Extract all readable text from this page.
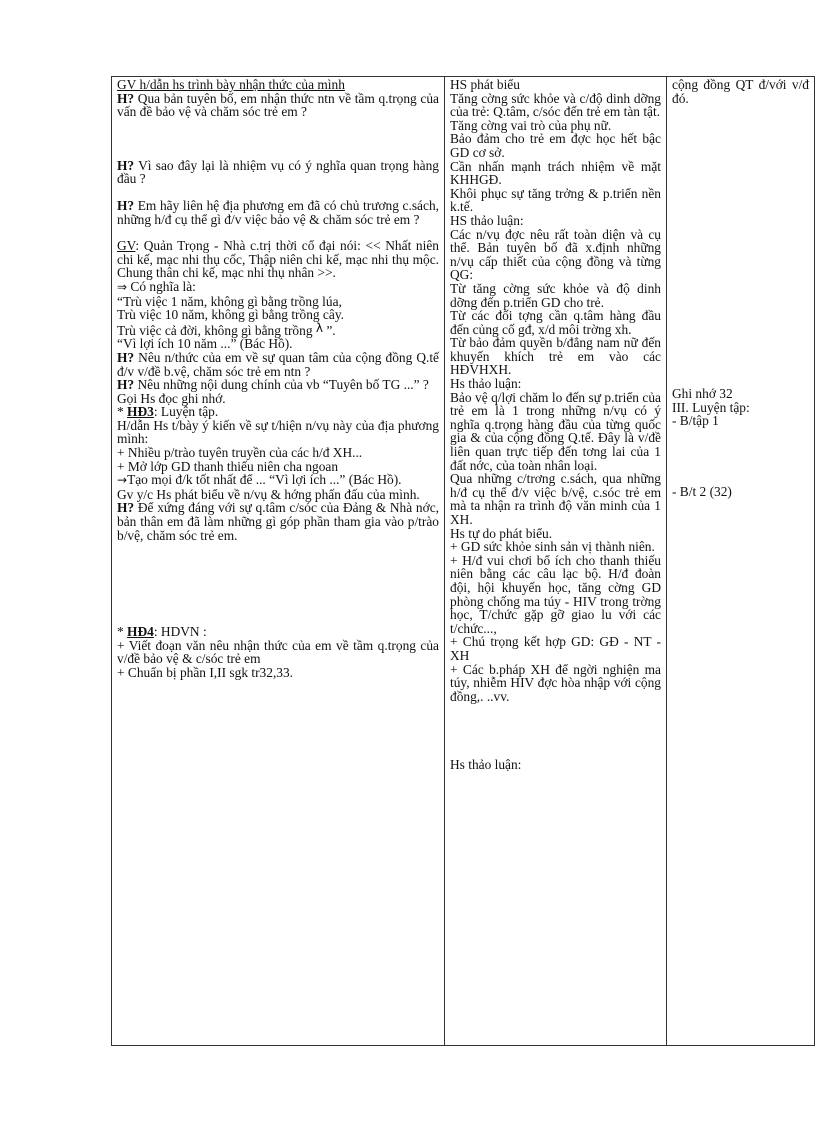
GV h/dẫn hs trình bày nhận thức của mình
H? Qua bản tuyên bố, em nhận thức ntn về tầm q.trọng của vấn đề bảo vệ và chăm sóc trẻ em ?
H? Vì sao đây lại là nhiệm vụ có ý nghĩa quan trọng hàng đầu ?
H? Em hãy liên hệ địa phương em đã có chủ trương c.sách, những h/đ cụ thể gì đ/v việc bảo vệ & chăm sóc trẻ em ?
GV: Quản Trọng - Nhà c.trị thời cổ đại nói: << Nhất niên chi kế, mạc nhi thụ cốc, Thập niên chi kế, mạc nhi thụ mộc. Chung thân chi kế, mạc nhi thụ nhân >>.
⇒ Có nghĩa là:
“Trù việc 1 năm, không gì bằng trồng lúa,
Trù việc 10 năm, không gì bằng trồng cây.
Trù việc cả đời, không gì bằng trồng λ ”.
“Vì lợi ích 10 năm ...” (Bác Hồ).
H? Nêu n/thức của em về sự quan tâm của cộng đồng Q.tế đ/v v/đề b.vệ, chăm sóc trẻ em ntn ?
H? Nêu những nội dung chính của vb “Tuyên bố TG ...” ?
Gọi Hs đọc ghi nhớ.
* HĐ3: Luyện tập.
H/dẫn Hs t/bày ý kiến về sự t/hiện n/vụ này của địa phương mình:
+ Nhiều p/trào tuyên truyền của các h/đ XH...
+ Mở lớp GD thanh thiếu niên cha ngoan
→Tạo mọi đ/k tốt nhất để ... “Vì lợi ích ...” (Bác Hồ).
Gv y/c Hs phát biểu về n/vụ & hớng phấn đấu của mình.
H? Để xứng đáng với sự q.tâm c/sóc của Đảng & Nhà nớc, bản thân em đã làm những gì góp phần tham gia vào p/trào b/vệ, chăm sóc trẻ em.
* HĐ4: HDVN :
+ Viết đoạn văn nêu nhận thức của em về tầm q.trọng của v/đề bảo vệ & c/sóc trẻ em
+ Chuẩn bị phần I,II sgk tr32,33.

HS phát biểu
Tăng cờng sức khỏe và c/độ dinh dỡng của trẻ: Q.tâm, c/sóc đến trẻ em tàn tật.
Tăng cờng vai trò của phụ nữ.
Bảo đảm cho trẻ em đợc học hết bậc GD cơ sở.
Cần nhấn mạnh trách nhiệm về mặt KHHGĐ.
Khôi phục sự tăng trởng & p.triển nền k.tế.
HS thảo luận:
Các n/vụ đợc nêu rất toàn diện và cụ thể. Bản tuyên bố đã x.định những n/vụ cấp thiết của cộng đồng và từng QG:
Từ tăng cờng sức khỏe và độ dinh dỡng đến p.triển GD cho trẻ.
Từ các đối tợng cần q.tâm hàng đầu đến củng cố gđ, x/d môi trờng xh.
Từ bảo đảm quyền b/đẳng nam nữ đến khuyến khích trẻ em vào các HĐVHXH.
Hs thảo luận:
Bảo vệ q/lợi chăm lo đến sự p.triển của trẻ em là 1 trong những n/vụ có ý nghĩa q.trọng hàng đầu của từng quốc gia & của cộng đồng Q.tế. Đây là v/đề liên quan trực tiếp đến tơng lai của 1 đất nớc, của toàn nhân loại.
Qua những c/trơng c.sách, qua những h/đ cụ thể đ/v việc b/vệ, c.sóc trẻ em mà ta nhận ra trình độ văn minh của 1 XH.
Hs tự do phát biểu.
+ GD sức khỏe sinh sản vị thành niên.
+ H/đ vui chơi bổ ích cho thanh thiếu niên bằng các câu lạc bộ. H/đ đoàn đội, hội khuyến học, tăng cờng GD phòng chống ma túy - HIV trong trờng học, T/chức gặp gỡ giao lu với các t/chức...,
+ Chú trọng kết hợp GD: GĐ - NT - XH
+ Các b.pháp XH để ngời nghiện ma túy, nhiễm HIV đợc hòa nhập với cộng đồng,. ..vv.
Hs thảo luận:

cộng đồng QT đ/với v/đ đó.
Ghi nhớ 32
III. Luyện tập:
- B/tập 1
- B/t 2 (32)
